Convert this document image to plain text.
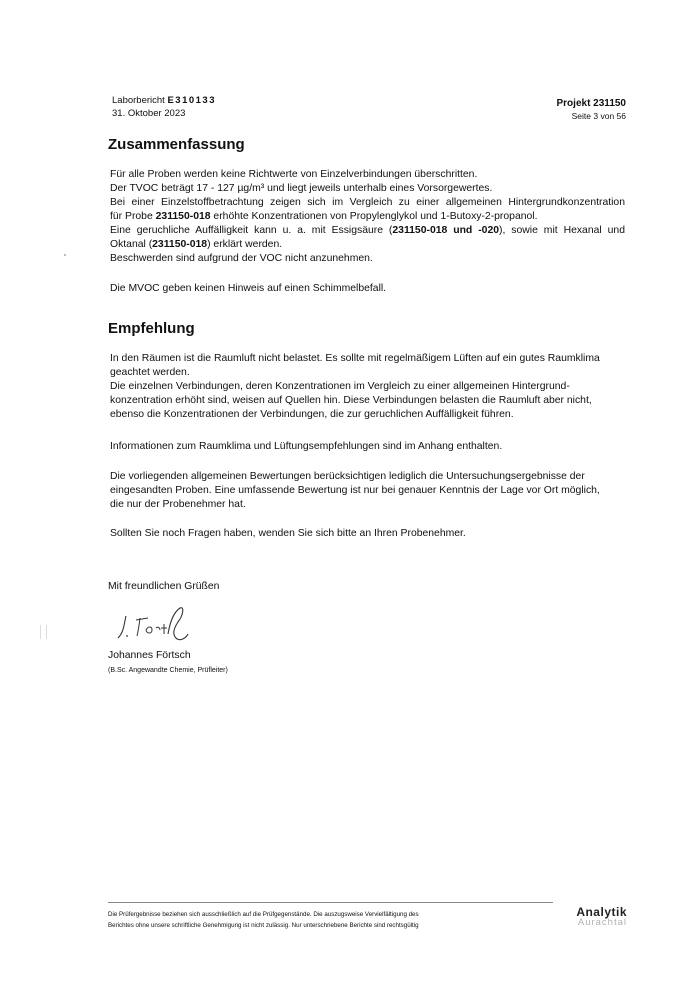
Laborbericht E310133
31. Oktober 2023
Projekt 231150
Seite 3 von 56
Zusammenfassung

Für alle Proben werden keine Richtwerte von Einzelverbindungen überschritten.

Der TVOC beträgt 17 - 127 µg/m³ und liegt jeweils unterhalb eines Vorsorgewertes.

Bei einer Einzelstoffbetrachtung zeigen sich im Vergleich zu einer allgemeinen Hintergrundkonzentration

für Probe 231150-018 erhöhte Konzentrationen von Propylenglykol und 1-Butoxy-2-propanol.

Eine geruchliche Auffälligkeit kann u. a. mit Essigsäure (231150-018 und -020), sowie mit Hexanal und

Oktanal (231150-018) erklärt werden.

Beschwerden sind aufgrund der VOC nicht anzunehmen.

Die MVOC geben keinen Hinweis auf einen Schimmelbefall.

Empfehlung

In den Räumen ist die Raumluft nicht belastet. Es sollte mit regelmäßigem Lüften auf ein gutes Raumklima

geachtet werden.

Die einzelnen Verbindungen, deren Konzentrationen im Vergleich zu einer allgemeinen Hintergrund-

konzentration erhöht sind, weisen auf Quellen hin. Diese Verbindungen belasten die Raumluft aber nicht,

ebenso die Konzentrationen der Verbindungen, die zur geruchlichen Auffälligkeit führen.

Informationen zum Raumklima und Lüftungsempfehlungen sind im Anhang enthalten.

Die vorliegenden allgemeinen Bewertungen berücksichtigen lediglich die Untersuchungsergebnisse der

eingesandten Proben. Eine umfassende Bewertung ist nur bei genauer Kenntnis der Lage vor Ort möglich,

die nur der Probenehmer hat.

Sollten Sie noch Fragen haben, wenden Sie sich bitte an Ihren Probenehmer.

Mit freundlichen Grüßen
Johannes Förtsch
(B.Sc. Angewandte Chemie, Prüfleiter)
Die Prüfergebnisse beziehen sich ausschließlich auf die Prüfgegenstände. Die auszugsweise Vervielfältigung des
Berichtes ohne unsere schriftliche Genehmigung ist nicht zulässig. Nur unterschriebene Berichte sind rechtsgültig
Analytik
Aurachtal
